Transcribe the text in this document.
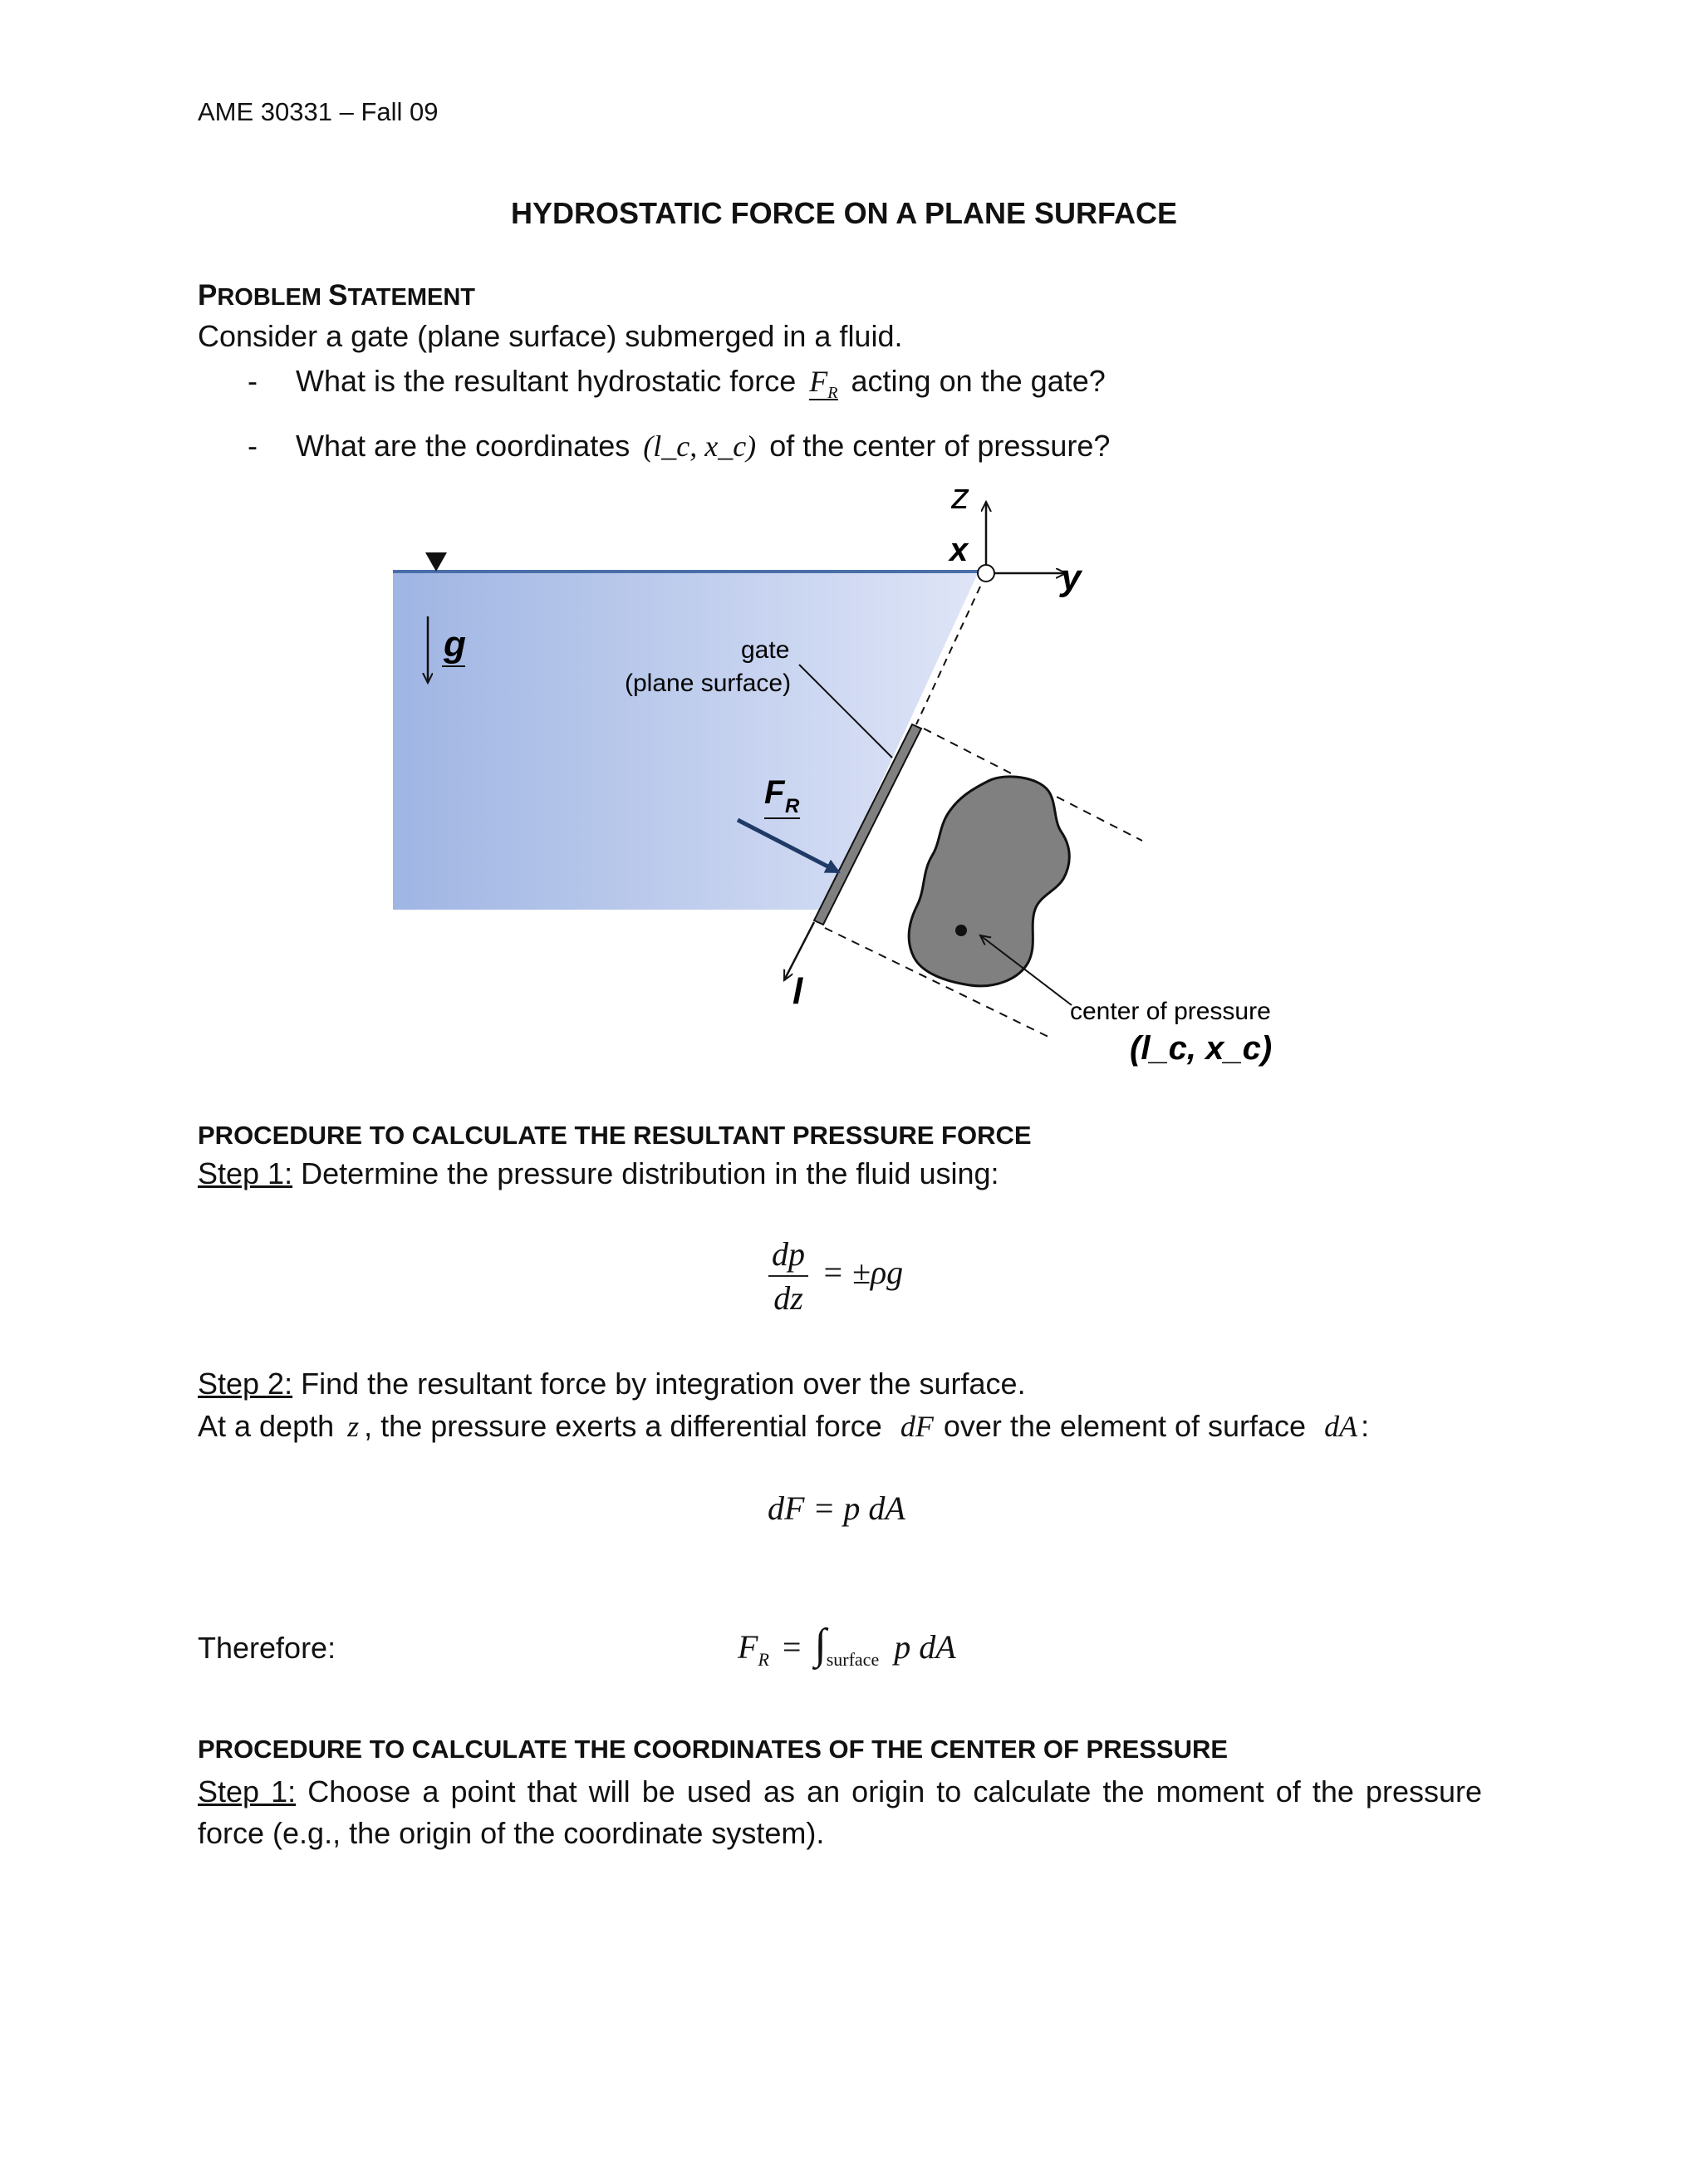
AME 30331 – Fall 09
HYDROSTATIC FORCE ON A PLANE SURFACE
PROBLEM STATEMENT
Consider a gate (plane surface) submerged in a fluid.
- What is the resultant hydrostatic force $F_R$ acting on the gate?
- What are the coordinates (l_c, x_c) of the center of pressure?
g
z
x
y
l
gate
(plane surface)
F R
center of pressure
(l_c, x_c)
PROCEDURE TO CALCULATE THE RESULTANT PRESSURE FORCE
Step 1: Determine the pressure distribution in the fluid using:
$\frac{dp}{dz} = \pm\rho g$
Step 2: Find the resultant force by integration over the surface.
At a depth z , the pressure exerts a differential force dF over the element of surface dA :
dF = p dA
Therefore:	$F_R = \int_{surface}$ p dA
PROCEDURE TO CALCULATE THE COORDINATES OF THE CENTER OF PRESSURE
Step 1: Choose a point that will be used as an origin to calculate the moment of the pressure force (e.g., the origin of the coordinate system).
